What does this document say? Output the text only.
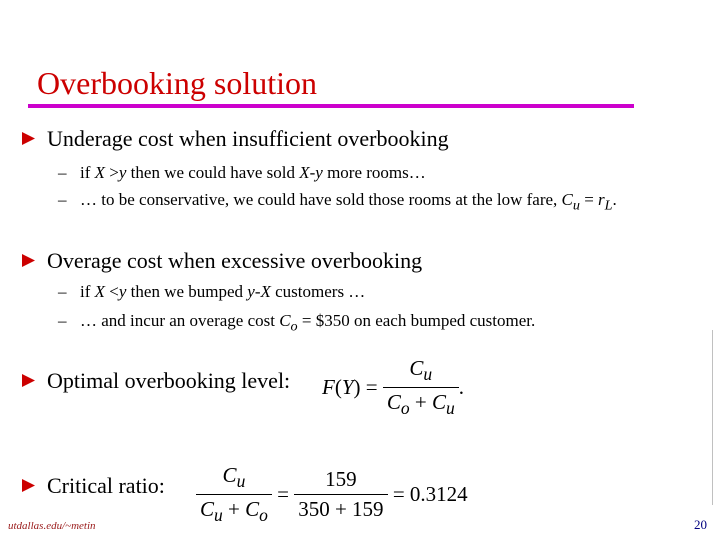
Overbooking solution
Underage cost when insufficient overbooking
– if X >y then we could have sold X-y more rooms…
– … to be conservative, we could have sold those rooms at the low fare, $C_u = r_L$.
Overage cost when excessive overbooking
– if X <y then we bumped y-X customers …
– … and incur an overage cost $C_o$ = $350 on each bumped customer.
Optimal overbooking level: F ( Y ) = $\frac{C_u}{C_o + C_u}$ .
Critical ratio: $\frac{C_u}{C_u + C_o} = \frac{159}{350 + 159}$
= 0.3124
utdallas.edu/~metin	20
